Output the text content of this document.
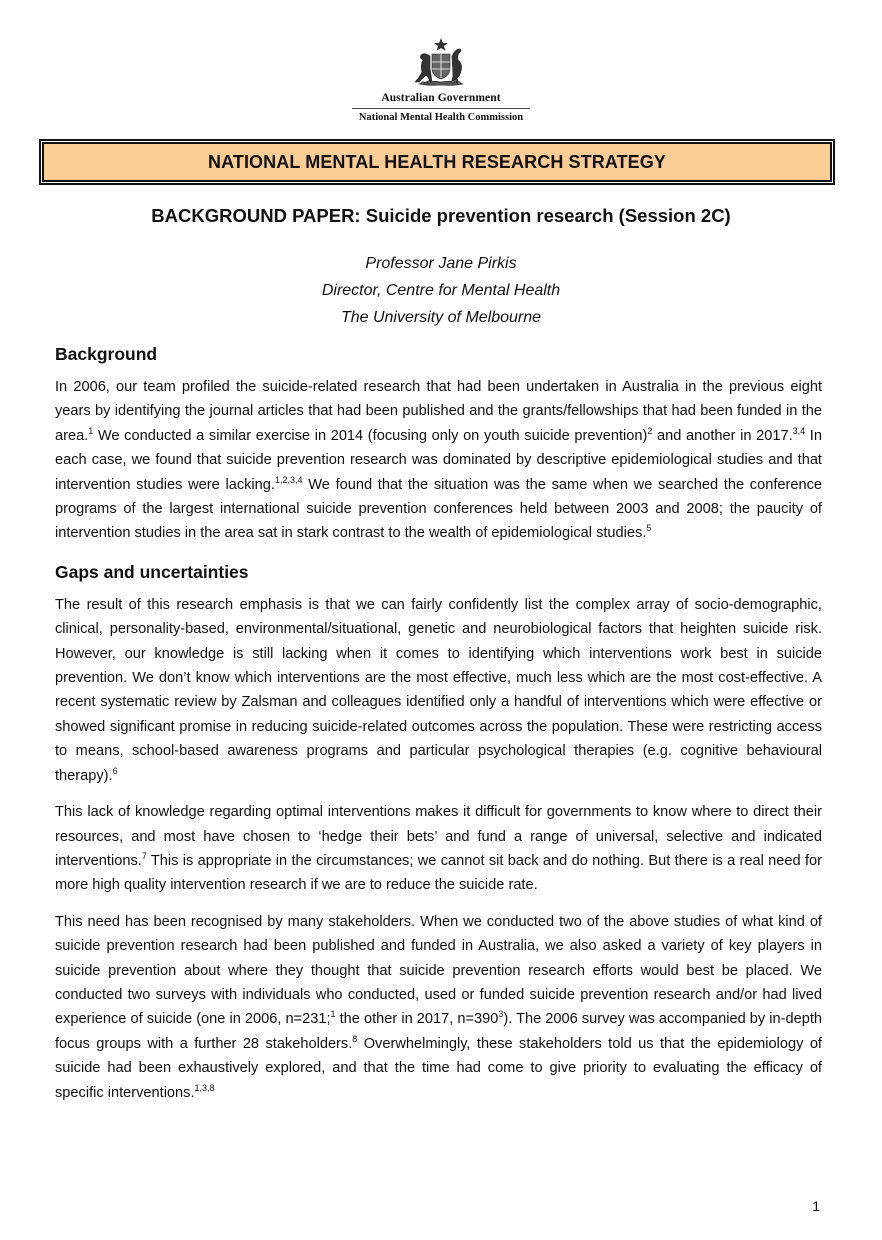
Australian Government
National Mental Health Commission
NATIONAL MENTAL HEALTH RESEARCH STRATEGY
BACKGROUND PAPER: Suicide prevention research (Session 2C)
Professor Jane Pirkis
Director, Centre for Mental Health
The University of Melbourne
Background

In 2006, our team profiled the suicide-related research that had been undertaken in Australia in the previous eight years by identifying the journal articles that had been published and the grants/fellowships that had been funded in the area.$^1$ We conducted a similar exercise in 2014 (focusing only on youth suicide prevention)$^2$ and another in 2017.$^{3,4}$ In each case, we found that suicide prevention research was dominated by descriptive epidemiological studies and that intervention studies were lacking.$^{1,2,3,4}$ We found that the situation was the same when we searched the conference programs of the largest international suicide prevention conferences held between 2003 and 2008; the paucity of intervention studies in the area sat in stark contrast to the wealth of epidemiological studies.$^5$

Gaps and uncertainties

The result of this research emphasis is that we can fairly confidently list the complex array of socio-demographic, clinical, personality-based, environmental/situational, genetic and neurobiological factors that heighten suicide risk. However, our knowledge is still lacking when it comes to identifying which interventions work best in suicide prevention. We don’t know which interventions are the most effective, much less which are the most cost-effective. A recent systematic review by Zalsman and colleagues identified only a handful of interventions which were effective or showed significant promise in reducing suicide-related outcomes across the population. These were restricting access to means, school-based awareness programs and particular psychological therapies (e.g. cognitive behavioural therapy).$^6$

This lack of knowledge regarding optimal interventions makes it difficult for governments to know where to direct their resources, and most have chosen to ‘hedge their bets’ and fund a range of universal, selective and indicated interventions.$^7$ This is appropriate in the circumstances; we cannot sit back and do nothing. But there is a real need for more high quality intervention research if we are to reduce the suicide rate.

This need has been recognised by many stakeholders. When we conducted two of the above studies of what kind of suicide prevention research had been published and funded in Australia, we also asked a variety of key players in suicide prevention about where they thought that suicide prevention research efforts would best be placed. We conducted two surveys with individuals who conducted, used or funded suicide prevention research and/or had lived experience of suicide (one in 2006, n=231;$^1$ the other in 2017, $n=390^3$). The 2006 survey was accompanied by in-depth focus groups with a further 28 stakeholders.$^8$ Overwhelmingly, these stakeholders told us that the epidemiology of suicide had been exhaustively explored, and that the time had come to give priority to evaluating the efficacy of specific interventions.$^{1,3,8}$

1
